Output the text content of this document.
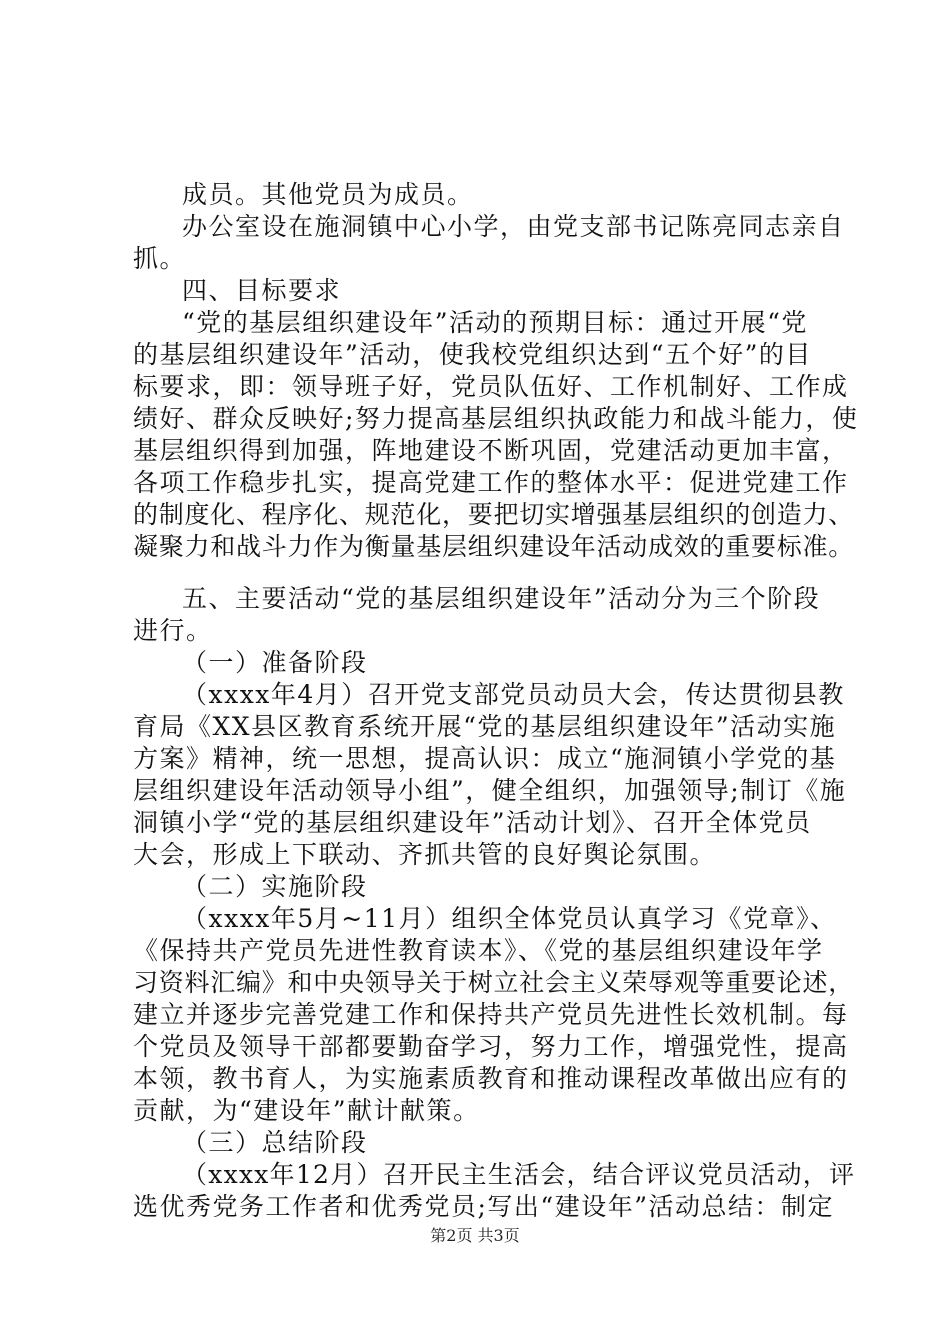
成员。其他党员为成员。

办公室设在施洞镇中心小学，由党支部书记陈亮同志亲自

抓。

四、目标要求

“党的基层组织建设年”活动的预期目标：通过开展“党

的基层组织建设年”活动，使我校党组织达到“五个好”的目

标要求，即：领导班子好，党员队伍好、工作机制好、工作成

绩好、群众反映好;努力提高基层组织执政能力和战斗能力，使

基层组织得到加强，阵地建设不断巩固，党建活动更加丰富，

各项工作稳步扎实，提高党建工作的整体水平：促进党建工作

的制度化、程序化、规范化，要把切实增强基层组织的创造力、

凝聚力和战斗力作为衡量基层组织建设年活动成效的重要标准。

五、主要活动“党的基层组织建设年”活动分为三个阶段

进行。

（一）准备阶段

（xxxx年4月）召开党支部党员动员大会，传达贯彻县教

育局《XX县区教育系统开展“党的基层组织建设年”活动实施

方案》精神，统一思想，提高认识：成立“施洞镇小学党的基

层组织建设年活动领导小组”，健全组织，加强领导;制订《施

洞镇小学“党的基层组织建设年”活动计划》、召开全体党员

大会，形成上下联动、齐抓共管的良好舆论氛围。

（二）实施阶段

（xxxx年5月~11月）组织全体党员认真学习《党章》、

《保持共产党员先进性教育读本》、《党的基层组织建设年学

习资料汇编》和中央领导关于树立社会主义荣辱观等重要论述，

建立并逐步完善党建工作和保持共产党员先进性长效机制。每

个党员及领导干部都要勤奋学习，努力工作，增强党性，提高

本领，教书育人，为实施素质教育和推动课程改革做出应有的

贡献，为“建设年”献计献策。

（三）总结阶段

（xxxx年12月）召开民主生活会，结合评议党员活动，评

选优秀党务工作者和优秀党员;写出“建设年”活动总结：制定

第2页 共3页
